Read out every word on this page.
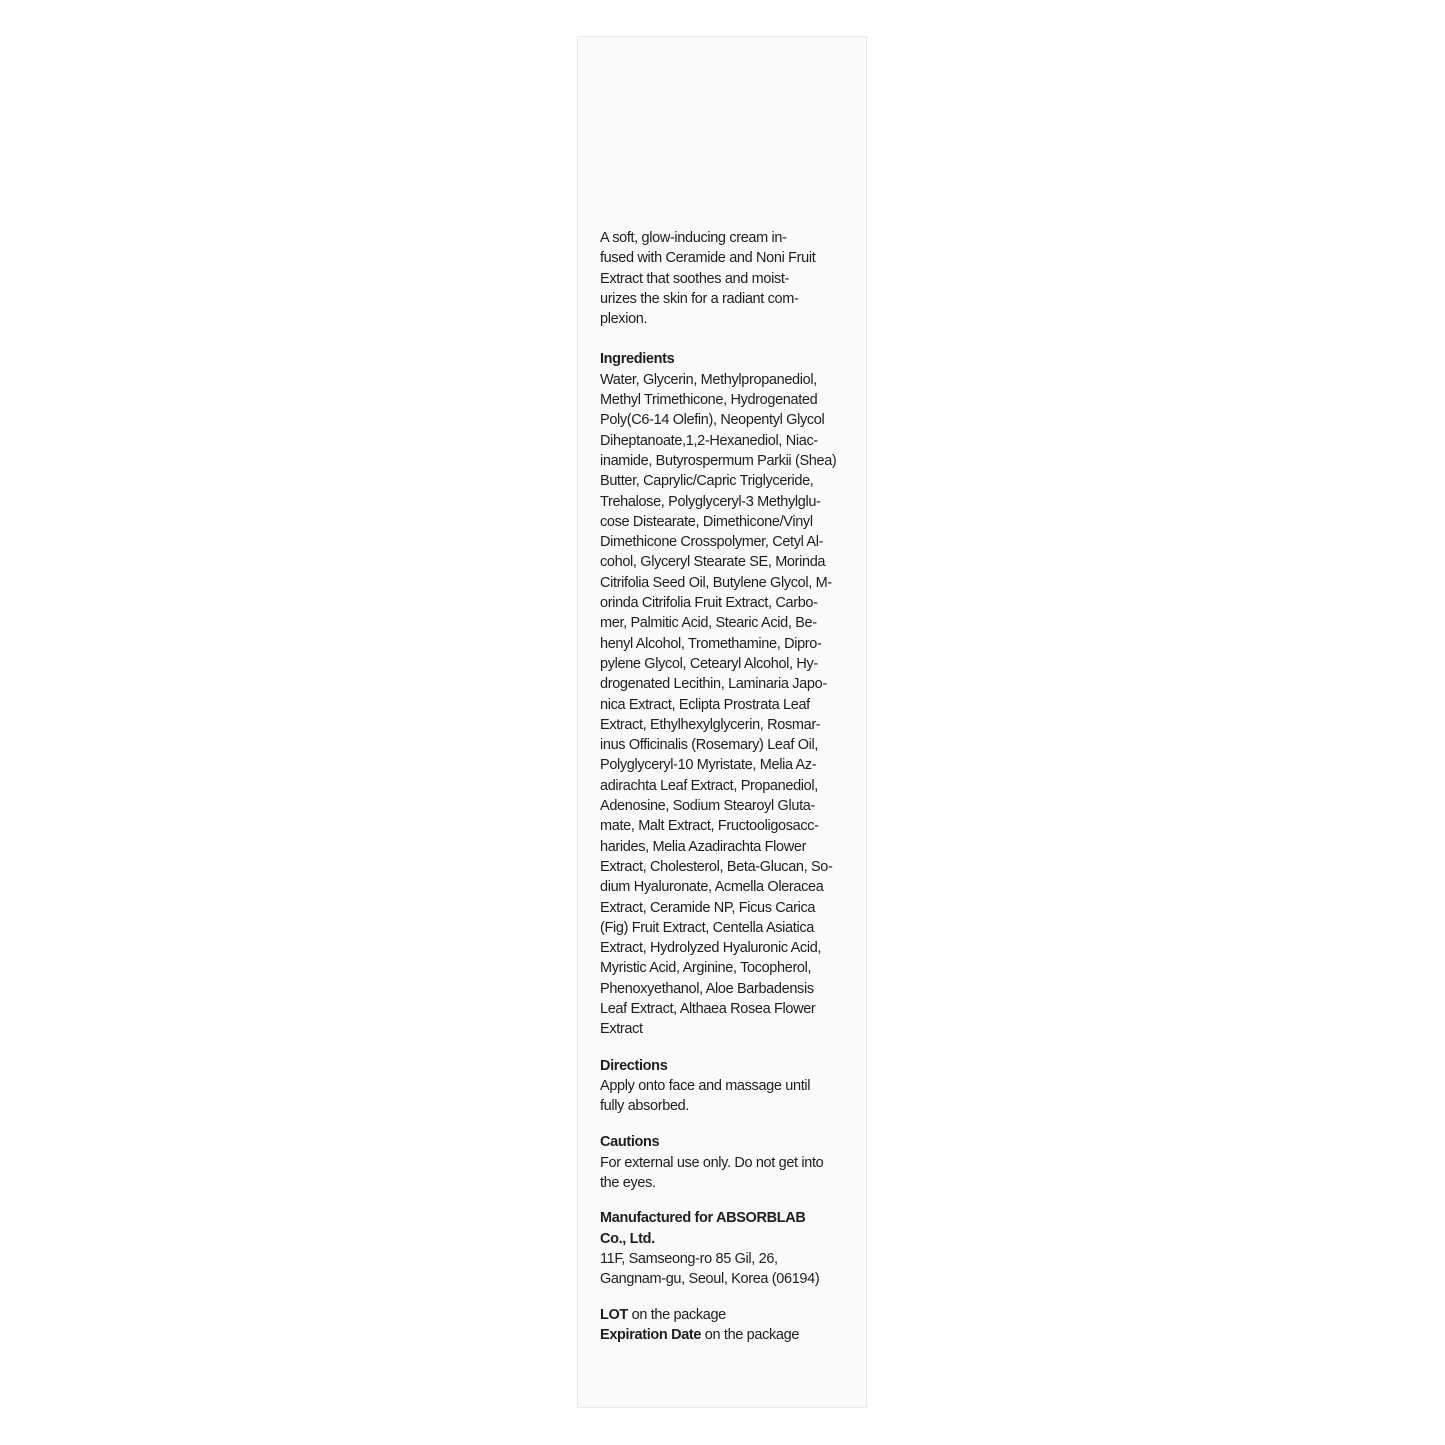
A soft, glow-inducing cream in-
fused with Ceramide and Noni Fruit
Extract that soothes and moist-
urizes the skin for a radiant com-
plexion.

Ingredients
Water, Glycerin, Methylpropanediol,
Methyl Trimethicone, Hydrogenated
Poly(C6-14 Olefin), Neopentyl Glycol
Diheptanoate,1,2-Hexanediol, Niac-
inamide, Butyrospermum Parkii (Shea)
Butter, Caprylic/Capric Triglyceride,
Trehalose, Polyglyceryl-3 Methylglu-
cose Distearate, Dimethicone/Vinyl
Dimethicone Crosspolymer, Cetyl Al-
cohol, Glyceryl Stearate SE, Morinda
Citrifolia Seed Oil, Butylene Glycol, M-
orinda Citrifolia Fruit Extract, Carbo-
mer, Palmitic Acid, Stearic Acid, Be-
henyl Alcohol, Tromethamine, Dipro-
pylene Glycol, Cetearyl Alcohol, Hy-
drogenated Lecithin, Laminaria Japo-
nica Extract, Eclipta Prostrata Leaf
Extract, Ethylhexylglycerin, Rosmar-
inus Officinalis (Rosemary) Leaf Oil,
Polyglyceryl-10 Myristate, Melia Az-
adirachta Leaf Extract, Propanediol,
Adenosine, Sodium Stearoyl Gluta-
mate, Malt Extract, Fructooligosacc-
harides, Melia Azadirachta Flower
Extract, Cholesterol, Beta-Glucan, So-
dium Hyaluronate, Acmella Oleracea
Extract, Ceramide NP, Ficus Carica
(Fig) Fruit Extract, Centella Asiatica
Extract, Hydrolyzed Hyaluronic Acid,
Myristic Acid, Arginine, Tocopherol,
Phenoxyethanol, Aloe Barbadensis
Leaf Extract, Althaea Rosea Flower
Extract

Directions
Apply onto face and massage until
fully absorbed.

Cautions
For external use only. Do not get into
the eyes.

Manufactured for ABSORBLAB
Co., Ltd.
11F, Samseong-ro 85 Gil, 26,
Gangnam-gu, Seoul, Korea (06194)

LOT on the package
Expiration Date on the package
